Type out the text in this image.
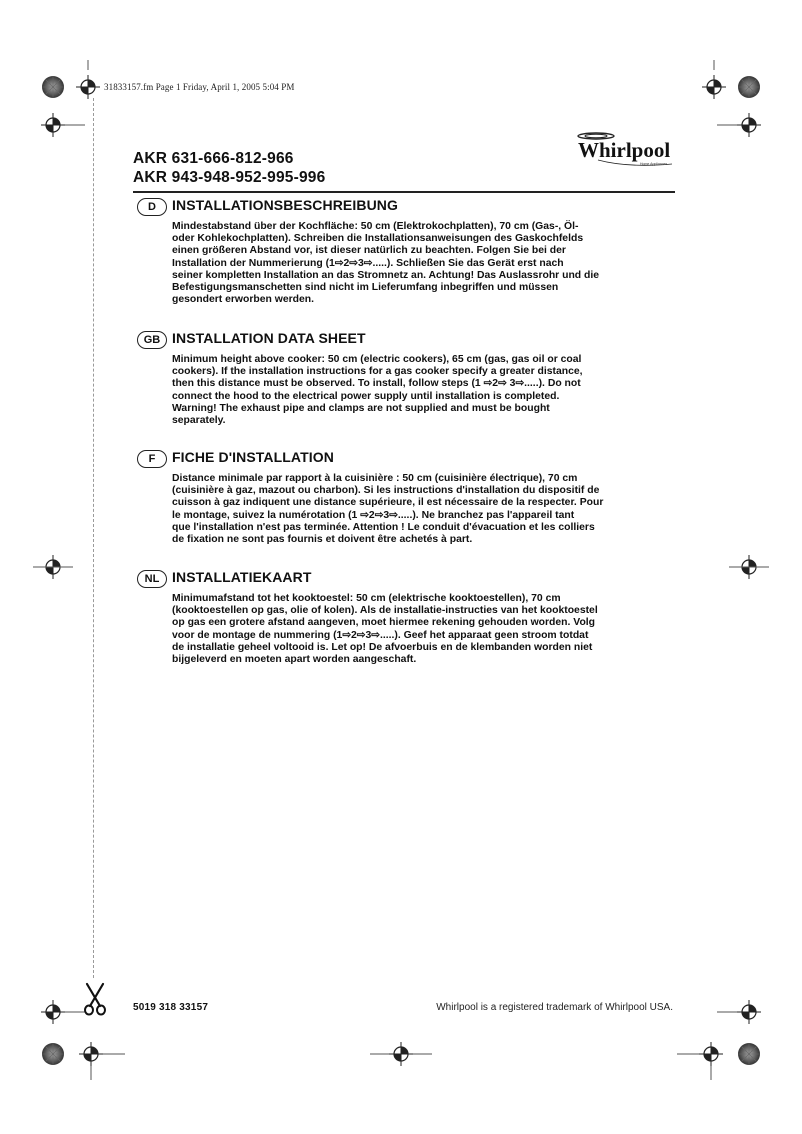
31833157.fm Page 1 Friday, April 1, 2005 5:04 PM
AKR 631-666-812-966
AKR 943-948-952-995-996
Whirlpool
Home Appliances
D	INSTALLATIONSBESCHREIBUNG
Mindestabstand über der Kochfläche: 50 cm (Elektrokochplatten), 70 cm (Gas-, Öl-
oder Kohlekochplatten). Schreiben die Installationsanweisungen des Gaskochfelds
einen größeren Abstand vor, ist dieser natürlich zu beachten. Folgen Sie bei der
Installation der Nummerierung (1⇨2⇨3⇨.....). Schließen Sie das Gerät erst nach
seiner kompletten Installation an das Stromnetz an. Achtung! Das Auslassrohr und die
Befestigungsmanschetten sind nicht im Lieferumfang inbegriffen und müssen
gesondert erworben werden.
GB INSTALLATION DATA SHEET
Minimum height above cooker: 50 cm (electric cookers), 65 cm (gas, gas oil or coal
cookers). If the installation instructions for a gas cooker specify a greater distance,
then this distance must be observed. To install, follow steps (1 ⇨2⇨ 3⇨.....). Do not
connect the hood to the electrical power supply until installation is completed.
Warning! The exhaust pipe and clamps are not supplied and must be bought
separately.
F	FICHE D'INSTALLATION
Distance minimale par rapport à la cuisinière : 50 cm (cuisinière électrique), 70 cm
(cuisinière à gaz, mazout ou charbon). Si les instructions d'installation du dispositif de
cuisson à gaz indiquent une distance supérieure, il est nécessaire de la respecter. Pour
le montage, suivez la numérotation (1 ⇨2⇨3⇨.....). Ne branchez pas l'appareil tant
que l'installation n'est pas terminée. Attention ! Le conduit d'évacuation et les colliers
de fixation ne sont pas fournis et doivent être achetés à part.
NL INSTALLATIEKAART
Minimumafstand tot het kooktoestel: 50 cm (elektrische kooktoestellen), 70 cm
(kooktoestellen op gas, olie of kolen). Als de installatie-instructies van het kooktoestel
op gas een grotere afstand aangeven, moet hiermee rekening gehouden worden. Volg
voor de montage de nummering (1⇨2⇨3⇨.....). Geef het apparaat geen stroom totdat
de installatie geheel voltooid is. Let op! De afvoerbuis en de klembanden worden niet
bijgeleverd en moeten apart worden aangeschaft.
5019 318 33157	Whirlpool is a registered trademark of Whirlpool USA.
